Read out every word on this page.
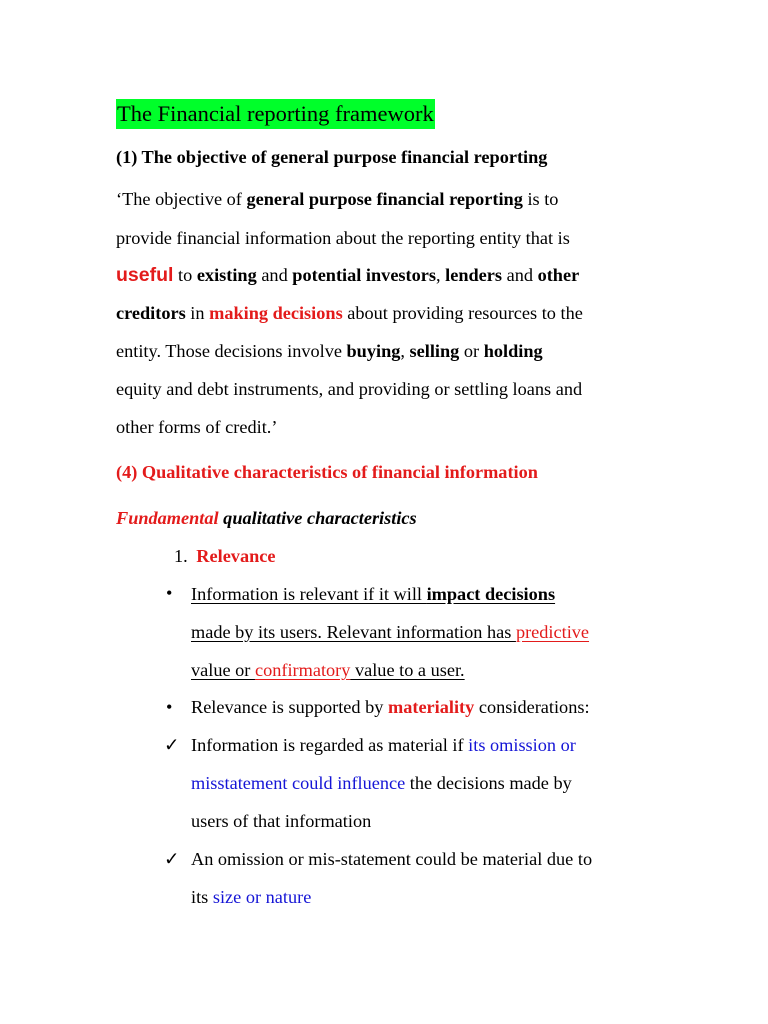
The Financial reporting framework
(1) The objective of general purpose financial reporting
‘The objective of general purpose financial reporting is to
provide financial information about the reporting entity that is
useful to existing and potential investors, lenders and other
creditors in making decisions about providing resources to the
entity. Those decisions involve buying, selling or holding
equity and debt instruments, and providing or settling loans and
other forms of credit.’
(4) Qualitative characteristics of financial information
Fundamental qualitative characteristics
1. Relevance
• Information is relevant if it will impact decisions
made by its users. Relevant information has predictive
value or confirmatory value to a user.
• Relevance is supported by materiality considerations:
✓ Information is regarded as material if its omission or
misstatement could influence the decisions made by
users of that information
✓ An omission or mis-statement could be material due to
its size or nature
